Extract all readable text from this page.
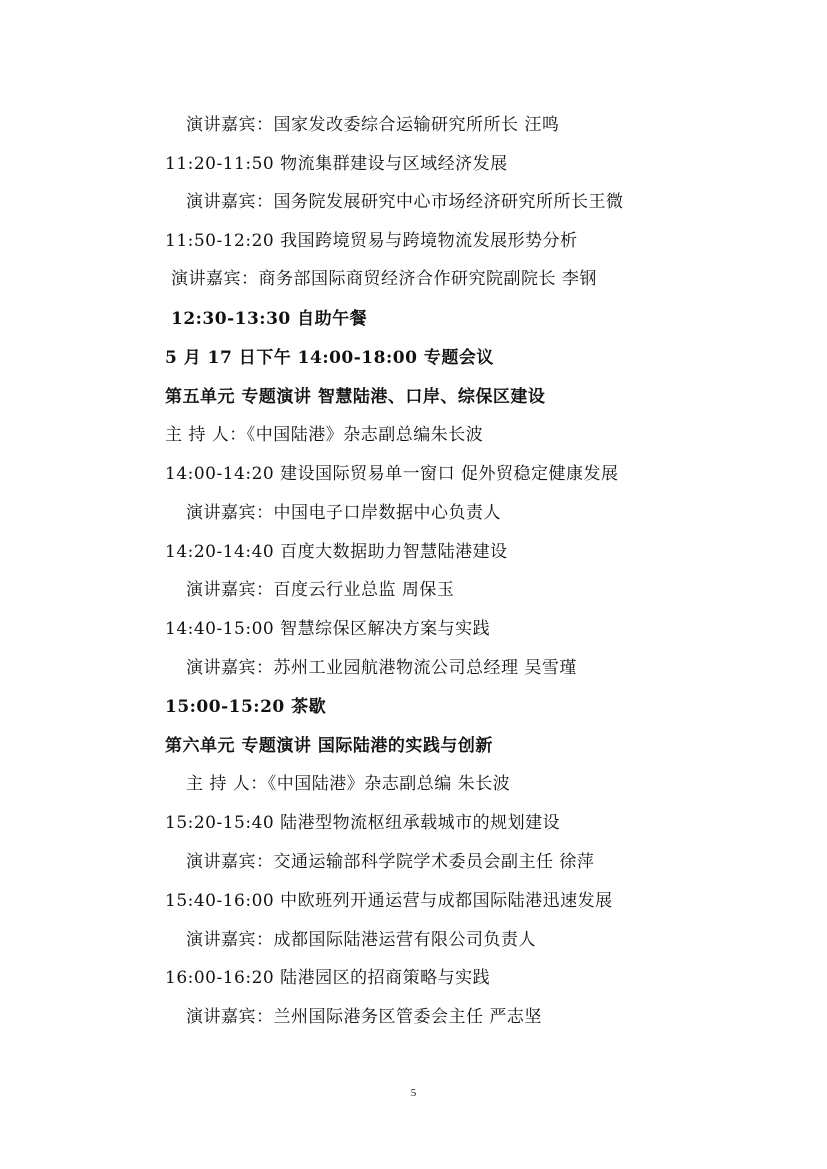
演讲嘉宾：国家发改委综合运输研究所所长 汪鸣
11:20-11:50 物流集群建设与区域经济发展
演讲嘉宾：国务院发展研究中心市场经济研究所所长王微
11:50-12:20 我国跨境贸易与跨境物流发展形势分析
演讲嘉宾：商务部国际商贸经济合作研究院副院长 李钢
12:30-13:30 自助午餐
5 月 17 日下午 14:00-18:00 专题会议
第五单元 专题演讲 智慧陆港、口岸、综保区建设
主 持 人：《中国陆港》杂志副总编朱长波
14:00-14:20 建设国际贸易单一窗口 促外贸稳定健康发展
演讲嘉宾：中国电子口岸数据中心负责人
14:20-14:40 百度大数据助力智慧陆港建设
演讲嘉宾：百度云行业总监 周保玉
14:40-15:00 智慧综保区解决方案与实践
演讲嘉宾：苏州工业园航港物流公司总经理 吴雪瑾
15:00-15:20 茶歇
第六单元 专题演讲 国际陆港的实践与创新
主 持 人：《中国陆港》杂志副总编 朱长波
15:20-15:40 陆港型物流枢纽承载城市的规划建设
演讲嘉宾：交通运输部科学院学术委员会副主任 徐萍
15:40-16:00 中欧班列开通运营与成都国际陆港迅速发展
演讲嘉宾：成都国际陆港运营有限公司负责人
16:00-16:20 陆港园区的招商策略与实践
演讲嘉宾：兰州国际港务区管委会主任 严志坚
5
